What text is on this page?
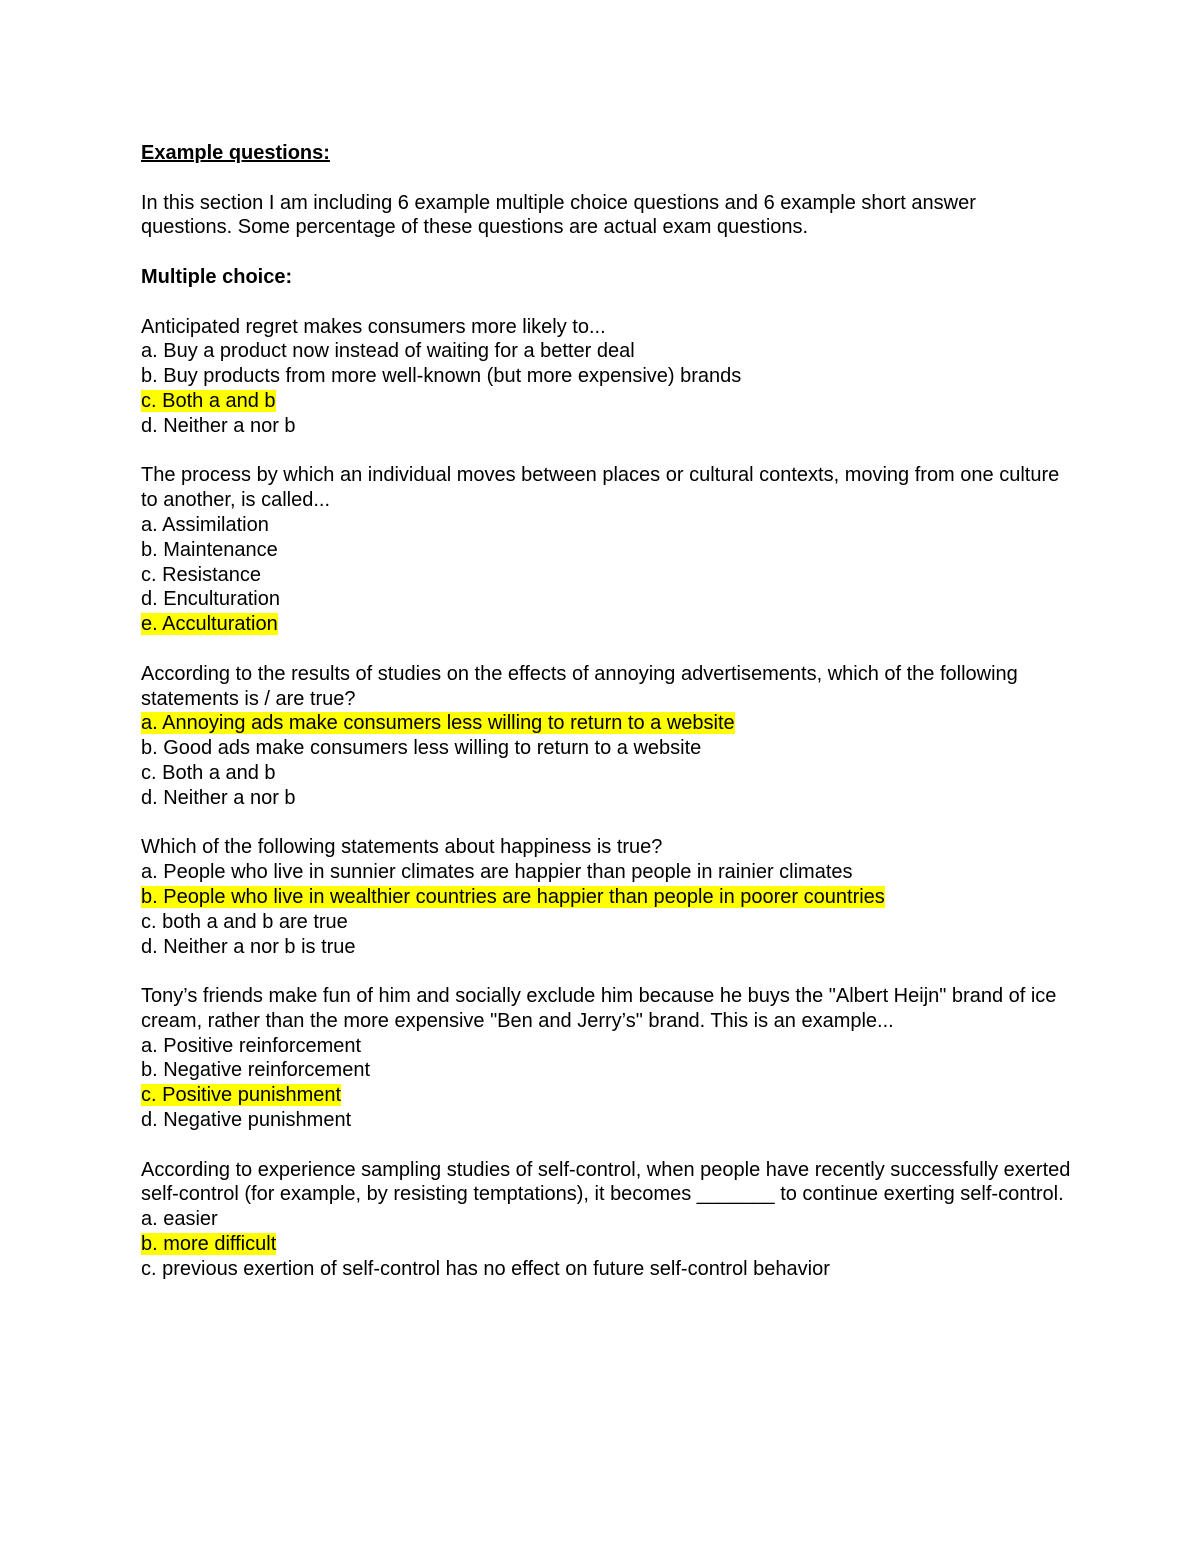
Example questions:

In this section I am including 6 example multiple choice questions and 6 example short answer questions. Some percentage of these questions are actual exam questions.

Multiple choice:

Anticipated regret makes consumers more likely to...

a. Buy a product now instead of waiting for a better deal

b. Buy products from more well-known (but more expensive) brands

c. Both a and b

d. Neither a nor b

The process by which an individual moves between places or cultural contexts, moving from one culture to another, is called...

a. Assimilation

b. Maintenance

c. Resistance

d. Enculturation

e. Acculturation

According to the results of studies on the effects of annoying advertisements, which of the following statements is / are true?

a. Annoying ads make consumers less willing to return to a website

b. Good ads make consumers less willing to return to a website

c. Both a and b

d. Neither a nor b

Which of the following statements about happiness is true?

a. People who live in sunnier climates are happier than people in rainier climates

b. People who live in wealthier countries are happier than people in poorer countries

c. both a and b are true

d. Neither a nor b is true

Tony’s friends make fun of him and socially exclude him because he buys the "Albert Heijn" brand of ice cream, rather than the more expensive "Ben and Jerry’s" brand. This is an example...

a. Positive reinforcement

b. Negative reinforcement

c. Positive punishment

d. Negative punishment

According to experience sampling studies of self-control, when people have recently successfully exerted self-control (for example, by resisting temptations), it becomes _______ to continue exerting self-control.

a. easier

b. more difficult

c. previous exertion of self-control has no effect on future self-control behavior
